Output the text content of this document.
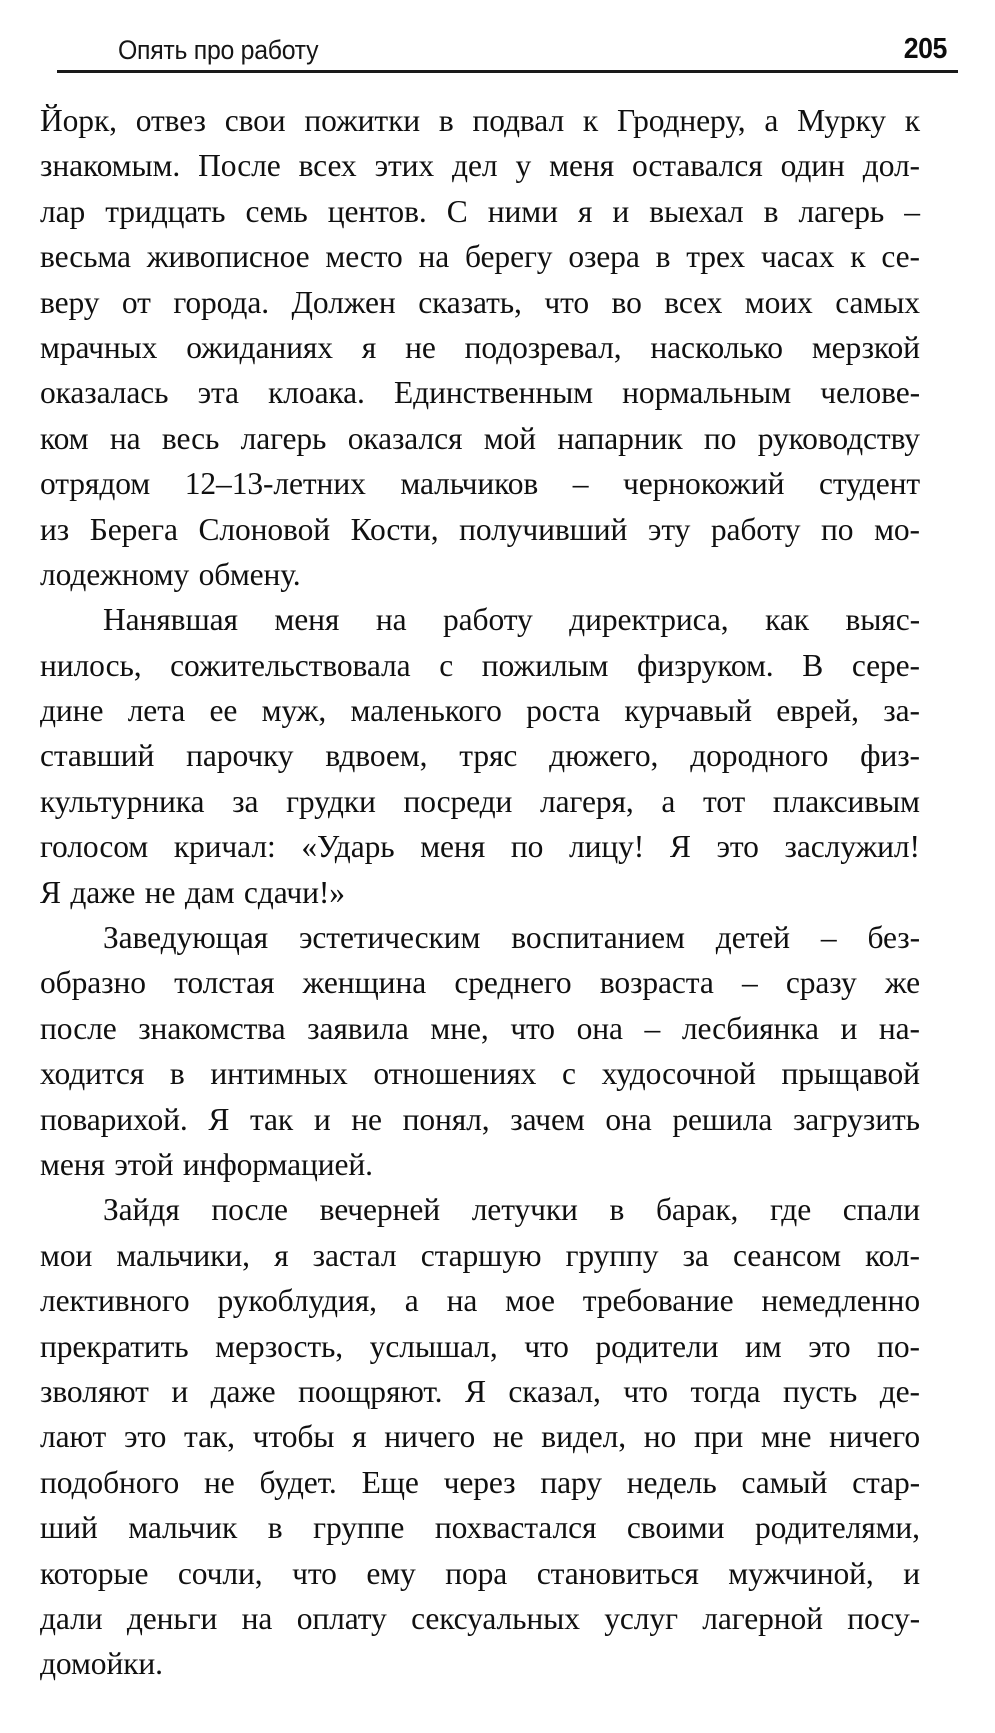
Опять про работу	205
Йорк, отвез свои пожитки в подвал к Гроднеру, а Мурку к
знакомым. После всех этих дел у меня оставался один дол-
лар тридцать семь центов. С ними я и выехал в лагерь –
весьма живописное место на берегу озера в трех часах к се-
веру от города. Должен сказать, что во всех моих самых
мрачных ожиданиях я не подозревал, насколько мерзкой
оказалась эта клоака. Единственным нормальным челове-
ком на весь лагерь оказался мой напарник по руководству
отрядом 12–13-летних мальчиков – чернокожий студент
из Берега Слоновой Кости, получивший эту работу по мо-
лодежному обмену.
Нанявшая меня на работу директриса, как выяс-
нилось, сожительствовала с пожилым физруком. В сере-
дине лета ее муж, маленького роста курчавый еврей, за-
ставший парочку вдвоем, тряс дюжего, дородного физ-
культурника за грудки посреди лагеря, а тот плаксивым
голосом кричал: «Ударь меня по лицу! Я это заслужил!
Я даже не дам сдачи!»
Заведующая эстетическим воспитанием детей – без-
образно толстая женщина среднего возраста – сразу же
после знакомства заявила мне, что она – лесбиянка и на-
ходится в интимных отношениях с худосочной прыщавой
поварихой. Я так и не понял, зачем она решила загрузить
меня этой информацией.
Зайдя после вечерней летучки в барак, где спали
мои мальчики, я застал старшую группу за сеансом кол-
лективного рукоблудия, а на мое требование немедленно
прекратить мерзость, услышал, что родители им это по-
зволяют и даже поощряют. Я сказал, что тогда пусть де-
лают это так, чтобы я ничего не видел, но при мне ничего
подобного не будет. Еще через пару недель самый стар-
ший мальчик в группе похвастался своими родителями,
которые сочли, что ему пора становиться мужчиной, и
дали деньги на оплату сексуальных услуг лагерной посу-
домойки.
